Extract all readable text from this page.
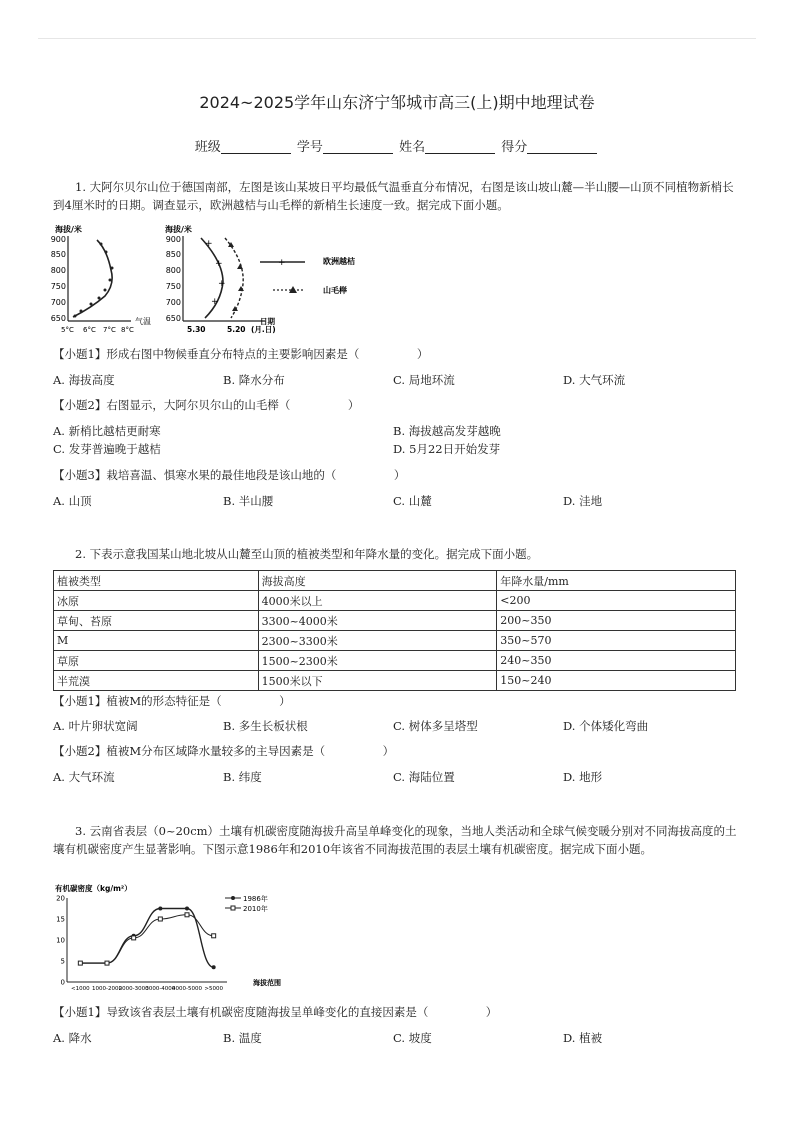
2024~2025学年山东济宁邹城市高三(上)期中地理试卷
班级	学号	姓名	得分
1. 大阿尔贝尔山位于德国南部，左图是该山某坡日平均最低气温垂直分布情况，右图是该山坡山麓—半山腰—山顶不同植物新梢长到4厘米时的日期。调查显示，欧洲越桔与山毛榉的新梢生长速度一致。据完成下面小题。
海拔/米
900
850
800
750
700
650
5°C 6°C 7°C 8°C
气温
海拔/米
900
850
800
750
700
650
5.30	5.20
日期
(月.日)
+
+
+
+
+	欧洲越桔
山毛榉
【小题1】形成右图中物候垂直分布特点的主要影响因素是（　　　　　）
A. 海拔高度	B. 降水分布	C. 局地环流	D. 大气环流
【小题2】右图显示，大阿尔贝尔山的山毛榉（　　　　　）
A. 新梢比越桔更耐寒	B. 海拔越高发芽越晚
C. 发芽普遍晚于越桔	D. 5月22日开始发芽
【小题3】栽培喜温、惧寒水果的最佳地段是该山地的（　　　　　）
A. 山顶	B. 半山腰	C. 山麓	D. 洼地
2. 下表示意我国某山地北坡从山麓至山顶的植被类型和年降水量的变化。据完成下面小题。
植被类型	海拔高度	年降水量/mm
冰原	4000米以上	<200
草甸、苔原	3300~4000米	200~350
M	2300~3300米	350~570
草原	1500~2300米	240~350
半荒漠	1500米以下	150~240
【小题1】植被M的形态特征是（　　　　　）
A. 叶片卵状宽阔	B. 多生长板状根	C. 树体多呈塔型	D. 个体矮化弯曲
【小题2】植被M分布区域降水量较多的主导因素是（　　　　　）
A. 大气环流	B. 纬度	C. 海陆位置	D. 地形
3. 云南省表层（0~20cm）土壤有机碳密度随海拔升高呈单峰变化的现象，当地人类活动和全球气候变暖分别对不同海拔高度的土壤有机碳密度产生显著影响。下图示意1986年和2010年该省不同海拔范围的表层土壤有机碳密度。据完成下面小题。
有机碳密度（kg/m²）
20
15
10
5
0
<1000 1000-2000
2000-3000
3000-4000
4000-5000 >5000
海拔范围
1986年
2010年
【小题1】导致该省表层土壤有机碳密度随海拔呈单峰变化的直接因素是（　　　　　）
A. 降水	B. 温度	C. 坡度	D. 植被
